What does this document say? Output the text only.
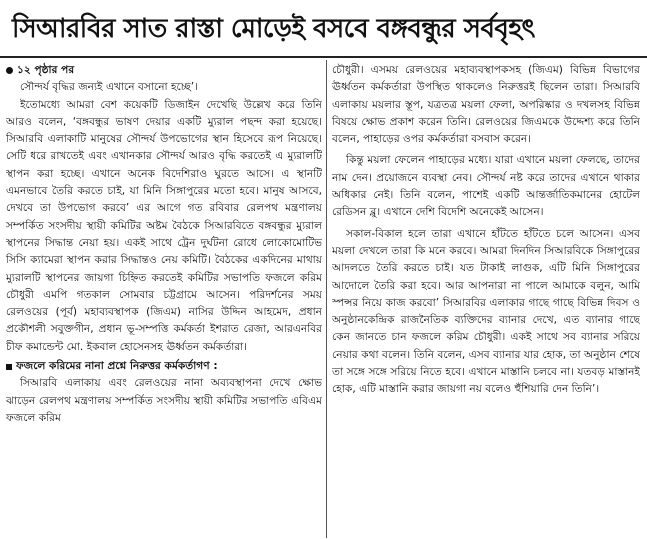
সিআরবির সাত রাস্তা মোড়েই বসবে বঙ্গবন্ধুর সর্ববৃহৎ
১২ পৃষ্ঠার পর

সৌন্দর্য বৃদ্ধির জন্যই এখানে বসানো হচ্ছে’।

ইতোমধ্যে আমরা বেশ কয়েকটি ডিজাইন দেখেছি উল্লেখ করে তিনি আরও বলেন, ‘বঙ্গবন্ধুর ভাষণ দেয়ার একটি ম্যুরাল পছন্দ করা হয়েছে। সিআরবি এলাকাটি মানুষের সৌন্দর্য উপভোগের স্থান হিসেবে রূপ নিয়েছে। সেটি ধরে রাখতেই এবং এখানকার সৌন্দর্য আরও বৃদ্ধি করতেই এ ম্যুরালটি স্থাপন করা হচ্ছে। এখানে অনেক বিদেশিরাও ঘুরতে আসে। এ স্থানটি এমনভাবে তৈরি করতে চাই, যা মিনি সিঙ্গাপুরের মতো হবে। মানুষ আসবে, দেখবে তা উপভোগ করবে’ এর আগে গত রবিবার রেলপথ মন্ত্রণালয় সম্পর্কিত সংসদীয় স্থায়ী কমিটির অষ্টম বৈঠকে সিআরবিতে বঙ্গবন্ধুর ম্যুরাল স্থাপনের সিদ্ধান্ত নেয়া হয়। একই সাথে ট্রেন দুর্ঘটনা রোধে লোকোমোটিভ সিসি ক্যামেরা স্থাপন করার সিদ্ধান্তও নেয় কমিটি। বৈঠকের একদিনের মাথায় ম্যুরালটি স্থাপনের জায়গা চিহ্নিত করতেই কমিটির সভাপতি ফজলে করিম চৌধুরী এমপি গতকাল সোমবার চট্টগ্রামে আসেন। পরিদর্শনের সময় রেলওয়ের (পূর্ব) মহাব্যবস্থাপক (জিএম) নাসির উদ্দিন আহমেদ, প্রধান প্রকৌশলী সবুক্তগীন, প্রধান ভূ-সম্পত্তি কর্মকর্তা ইশরাত রেজা, আরএনবির চীফ কমান্ডেন্ট মো. ইকবাল হোসেনসহ ঊর্ধ্বতন কর্মকর্তারা।

ফজলে করিমের নানা প্রশ্নে নিরুত্তর কর্মকর্তাগণ :

সিআরবি এলাকায় এবং রেলওয়ের নানা অব্যবস্থাপনা দেখে ক্ষোভ ঝাড়েন রেলপথ মন্ত্রণালয় সম্পর্কিত সংসদীয় স্থায়ী কমিটির সভাপতি এবিএম ফজলে করিম

চৌধুরী। এসময় রেলওয়ের মহাব্যবস্থাপকসহ (জিএম) বিভিন্ন বিভাগের ঊর্ধ্বতন কর্মকর্তারা উপস্থিত থাকলেও নিরুত্তরই ছিলেন তারা। সিআরবি এলাকায় ময়লার স্তূপ, যত্রতত্র ময়লা ফেলা, অপরিষ্কার ও দখলসহ বিভিন্ন বিষয়ে ক্ষোভ প্রকাশ করেন তিনি। রেলওয়ের জিএমকে উদ্দেশ্য করে তিনি বলেন, পাহাড়ের ওপর কর্মকর্তারা বসবাস করেন।

কিন্তু ময়লা ফেলেন পাহাড়ের মধ্যে। যারা এখানে ময়লা ফেলছে, তাদের নাম দেন। প্রয়োজনে ব্যবস্থা নেব। সৌন্দর্য নষ্ট করে তাদের এখানে থাকার অধিকার নেই। তিনি বলেন, পাশেই একটি আন্তর্জাতিকমানের হোটেল রেডিসন ব্লু। এখানে দেশি বিদেশি অনেকেই আসেন।

সকাল-বিকাল হলে তারা এখানে হাঁটতে হাঁটতে চলে আসেন। এসব ময়লা দেখলে তারা কি মনে করবে। আমরা দিনদিন সিআরবিকে সিঙ্গাপুরের আদলতে তৈরি করতে চাই। যত টাকাই লাগুক, এটি মিনি সিঙ্গাপুরের আদোলে তৈরি করা হবে। আর আপনারা না পালে আমাকে বলুন, আমি স্পন্সর নিয়ে কাজ করবো’ সিআরবির এলাকার গাছে গাছে বিভিন্ন দিবস ও অনুষ্ঠানকেন্দ্রিক রাজনৈতিক ব্যক্তিদের ব্যানার দেখে, এত ব্যানার গাছে কেন জানতে চান ফজলে করিম চৌধুরী। একই সাথে সব ব্যানার সরিয়ে নেয়ার কথা বলেন। তিনি বলেন, এসব ব্যানার যার হোক, তা অনুষ্ঠান শেষে তা সঙ্গে সঙ্গে সরিয়ে নিতে হবে। এখানে মাস্তানি চলবে না। যতবড় মাস্তানই হোক, এটি মাস্তানি করার জায়গা নয় বলেও হুঁশিয়ারি দেন তিনি’।
